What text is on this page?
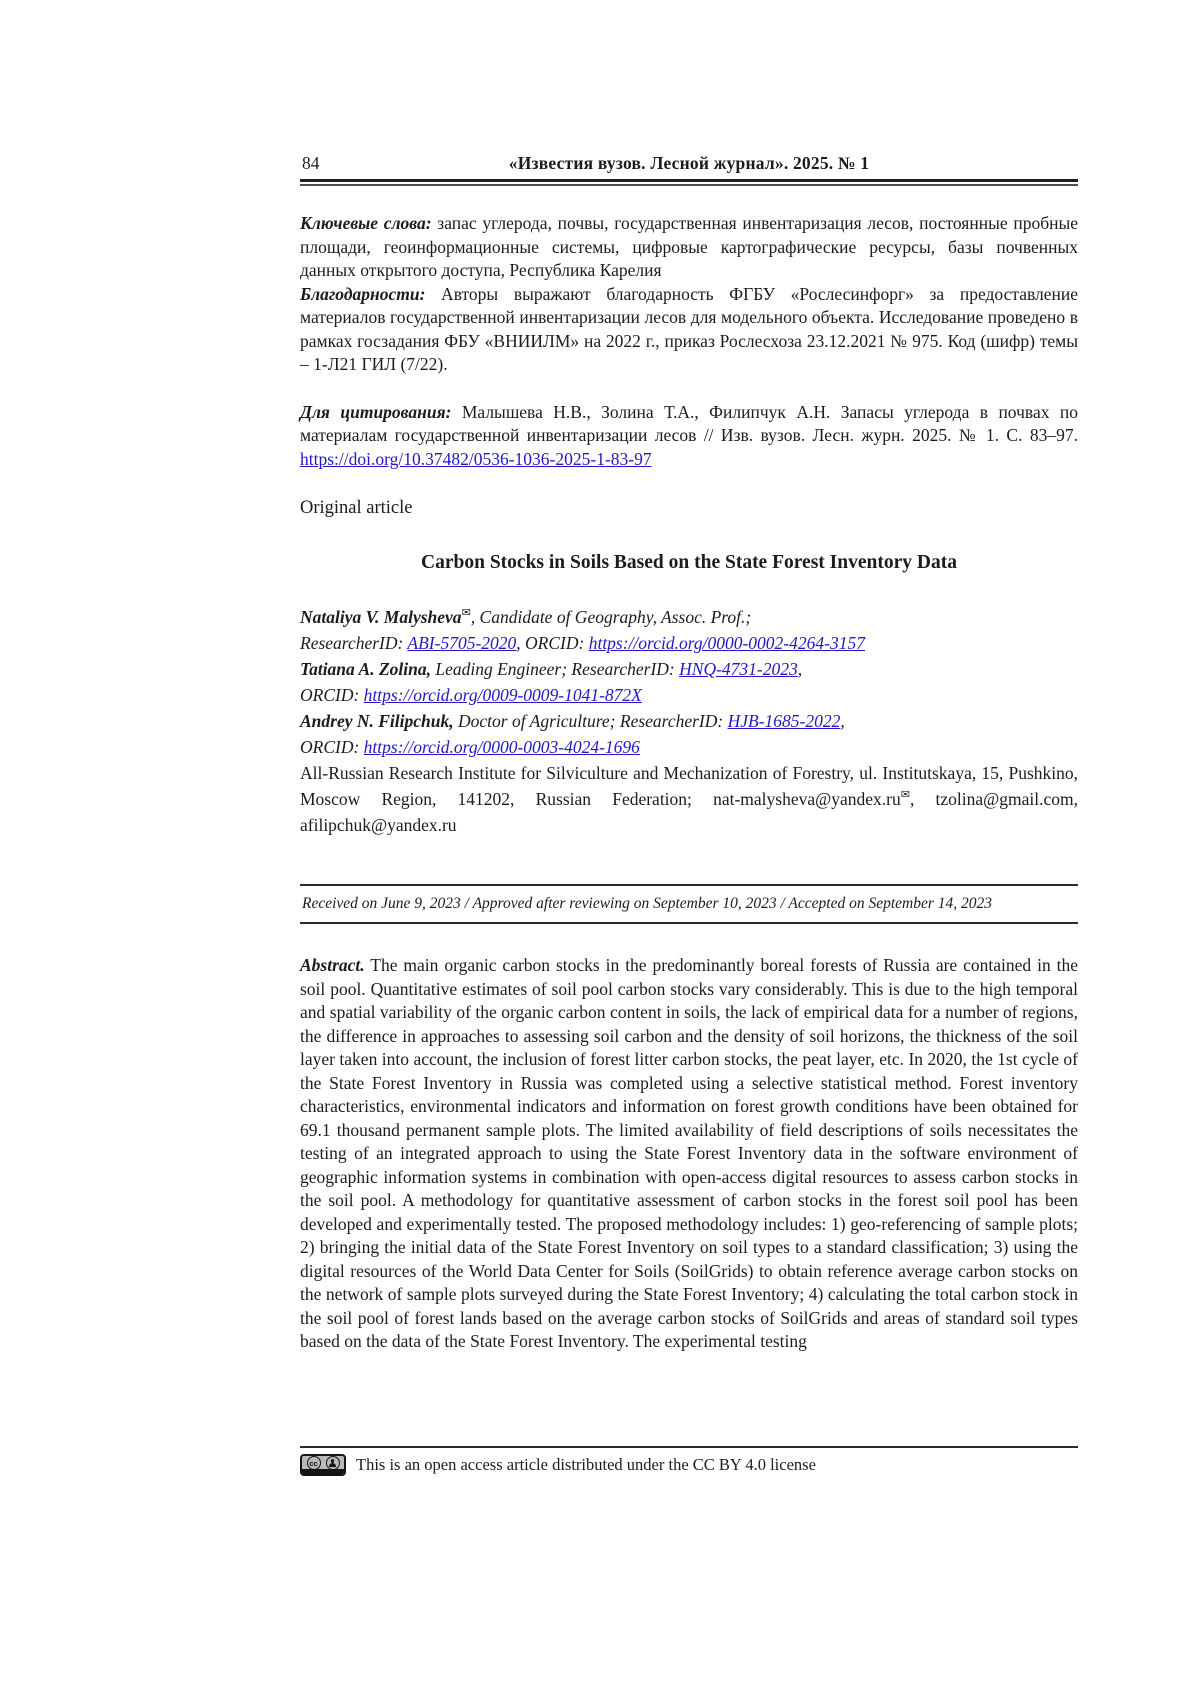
84	«Известия вузов. Лесной журнал». 2025. № 1

Ключевые слова: запас углерода, почвы, государственная инвентаризация лесов, постоянные пробные площади, геоинформационные системы, цифровые картографические ресурсы, базы почвенных данных открытого доступа, Республика Карелия

Благодарности: Авторы выражают благодарность ФГБУ «Рослесинфорг» за предоставление материалов государственной инвентаризации лесов для модельного объекта. Исследование проведено в рамках госзадания ФБУ «ВНИИЛМ» на 2022 г., приказ Рослесхоза 23.12.2021 № 975. Код (шифр) темы – 1-Л21 ГИЛ (7/22).

Для цитирования: Малышева Н.В., Золина Т.А., Филипчук А.Н. Запасы углерода в почвах по материалам государственной инвентаризации лесов // Изв. вузов. Лесн. журн. 2025. № 1. С. 83–97. https://doi.org/10.37482/0536-1036-2025-1-83-97

Original article

Carbon Stocks in Soils Based on the State Forest Inventory Data

Nataliya V. Malysheva✉, Candidate of Geography, Assoc. Prof.;

ResearcherID: ABI-5705-2020, ORCID: https://orcid.org/0000-0002-4264-3157

Tatiana A. Zolina, Leading Engineer; ResearcherID: HNQ-4731-2023,

ORCID: https://orcid.org/0009-0009-1041-872X

Andrey N. Filipchuk, Doctor of Agriculture; ResearcherID: HJB-1685-2022,

ORCID: https://orcid.org/0000-0003-4024-1696

All-Russian Research Institute for Silviculture and Mechanization of Forestry, ul. Institutskaya, 15, Pushkino, Moscow Region, 141202, Russian Federation; nat-malysheva@yandex.ru✉, tzolina@gmail.com, afilipchuk@yandex.ru

Received on June 9, 2023 / Approved after reviewing on September 10, 2023 / Accepted on September 14, 2023

Abstract. The main organic carbon stocks in the predominantly boreal forests of Russia are contained in the soil pool. Quantitative estimates of soil pool carbon stocks vary considerably. This is due to the high temporal and spatial variability of the organic carbon content in soils, the lack of empirical data for a number of regions, the difference in approaches to assessing soil carbon and the density of soil horizons, the thickness of the soil layer taken into account, the inclusion of forest litter carbon stocks, the peat layer, etc. In 2020, the 1st cycle of the State Forest Inventory in Russia was completed using a selective statistical method. Forest inventory characteristics, environmental indicators and information on forest growth conditions have been obtained for 69.1 thousand permanent sample plots. The limited availability of field descriptions of soils necessitates the testing of an integrated approach to using the State Forest Inventory data in the software environment of geographic information systems in combination with open-access digital resources to assess carbon stocks in the soil pool. A methodology for quantitative assessment of carbon stocks in the forest soil pool has been developed and experimentally tested. The proposed methodology includes: 1) geo-referencing of sample plots; 2) bringing the initial data of the State Forest Inventory on soil types to a standard classification; 3) using the digital resources of the World Data Center for Soils (SoilGrids) to obtain reference average carbon stocks on the network of sample plots surveyed during the State Forest Inventory; 4) calculating the total carbon stock in the soil pool of forest lands based on the average carbon stocks of SoilGrids and areas of standard soil types based on the data of the State Forest Inventory. The experimental testing

cc This is an open access article distributed under the CC BY 4.0 license
